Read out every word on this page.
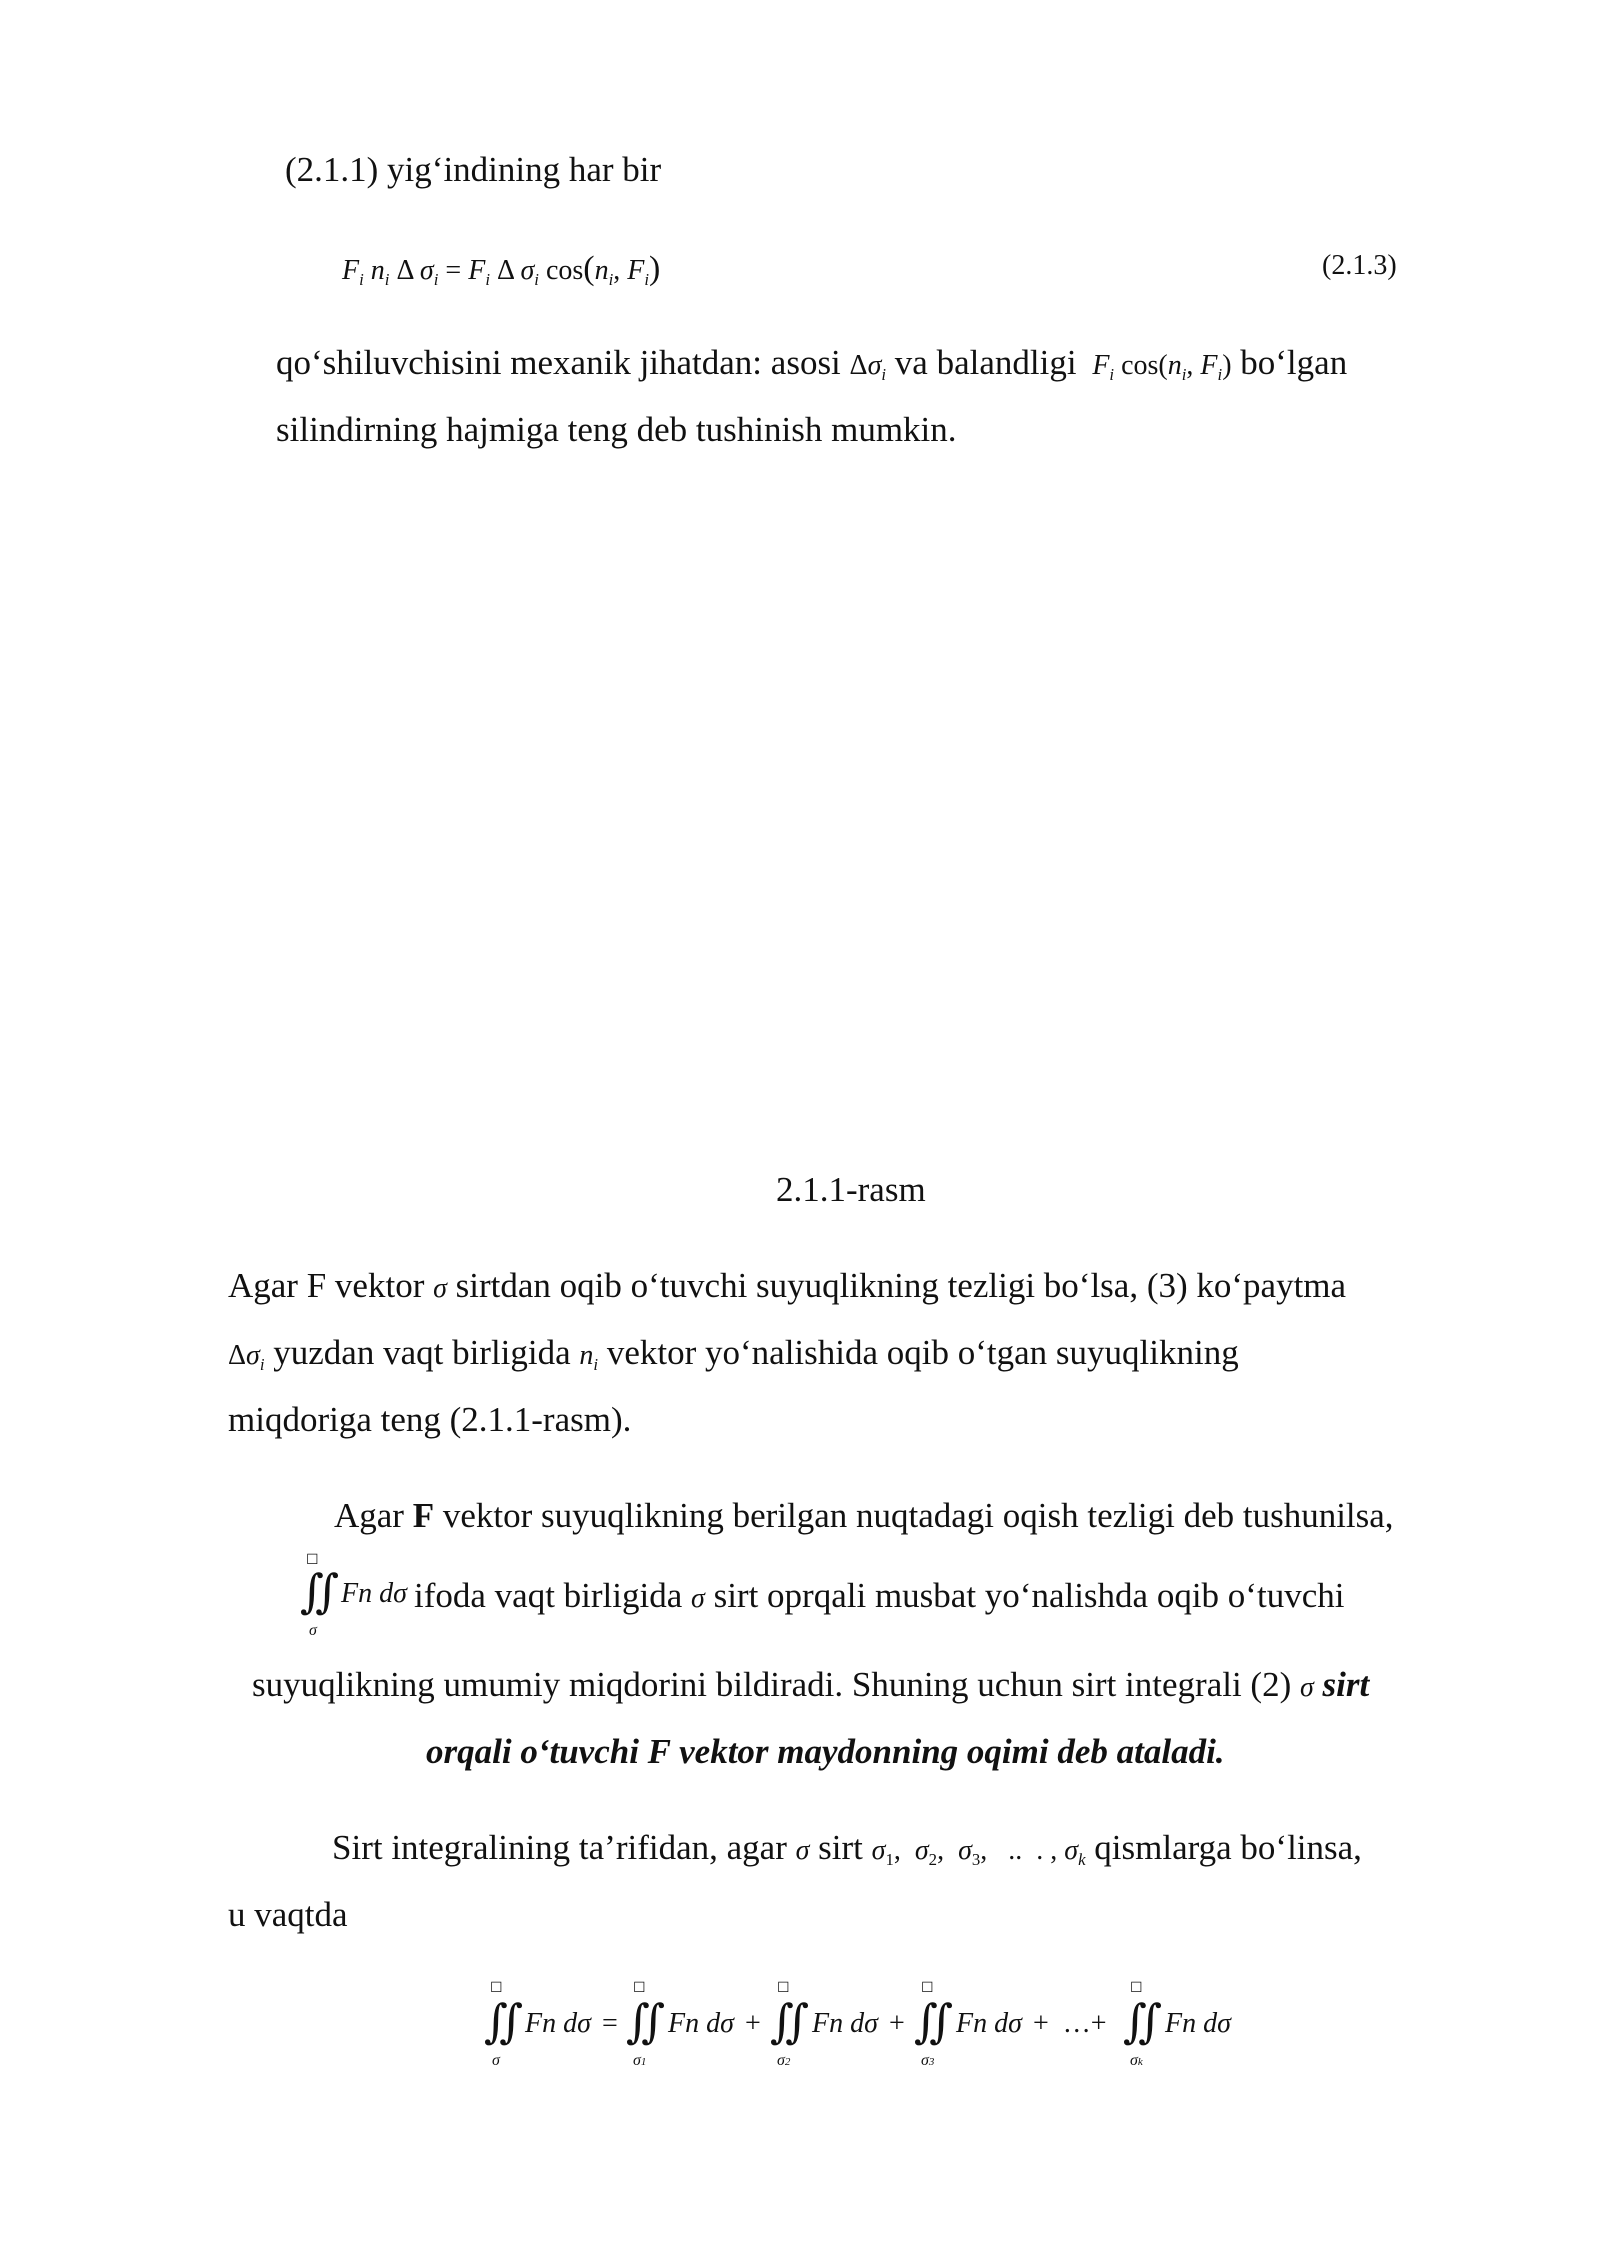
(2.1.1) yig‘indining har bir
$F_i$ $n_i$ Δ $\sigma_i = F_i$ Δ $\sigma_i$ $\cos(n_i$, $F_i$)	(2.1.3)
qo‘shiluvchisini mexanik jihatdan: asosi $\Delta\sigma_i$ va balandligi $F_i$ $\cos(n_i$, $F_i$) bo‘lgan
silindirning hajmiga teng deb tushinish mumkin.
2.1.1-rasm
Agar F vektor σ sirtdan oqib o‘tuvchi suyuqlikning tezligi bo‘lsa, (3) ko‘paytma
$\Delta\sigma_i$ yuzdan vaqt birligida $n_i$ vektor yo‘nalishida oqib o‘tgan suyuqlikning
miqdoriga teng (2.1.1-rasm).
Agar F vektor suyuqlikning berilgan nuqtadagi oqish tezligi deb tushunilsa,
☐
∬
σ
Fn dσ ifoda vaqt birligida σ sirt oprqali musbat yo‘nalishda oqib o‘tuvchi
suyuqlikning umumiy miqdorini bildiradi. Shuning uchun sirt integrali (2) σ sirt
orqali o‘tuvchi F vektor maydonning oqimi deb ataladi.
Sirt integralining ta’rifidan, agar σ sirt $\sigma_1$,  $\sigma_2$,  $\sigma_3$,   ..  . , $\sigma_k$ qismlarga bo‘linsa,
u vaqtda
☐
∬
σ
Fn dσ =
☐
∬
σ1
Fn dσ +
☐
∬
σ2
Fn dσ +
☐
∬
σ3
Fn dσ +  …+
☐
∬
σk
Fn dσ
